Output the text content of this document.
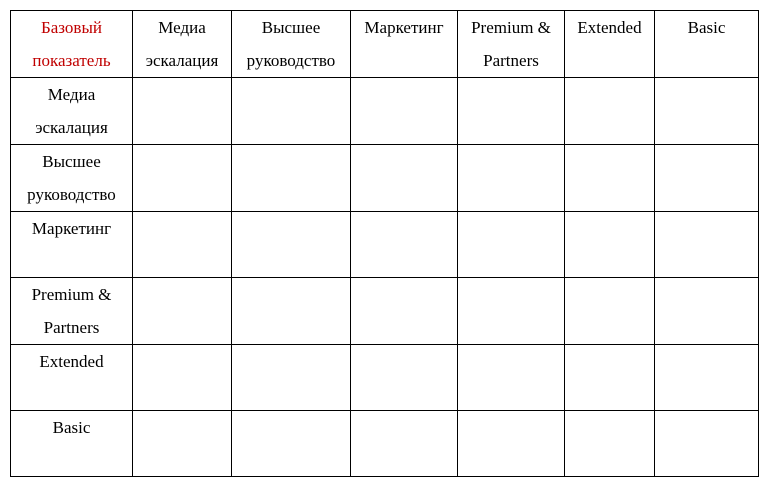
Базовый показатель	Медиа эскалация	Высшее руководство	Маркетинг	Premium & Partners	Extended	Basic

Медиа эскалация						

Высшее руководство						

Маркетинг						

Premium & Partners						

Extended						

Basic						
